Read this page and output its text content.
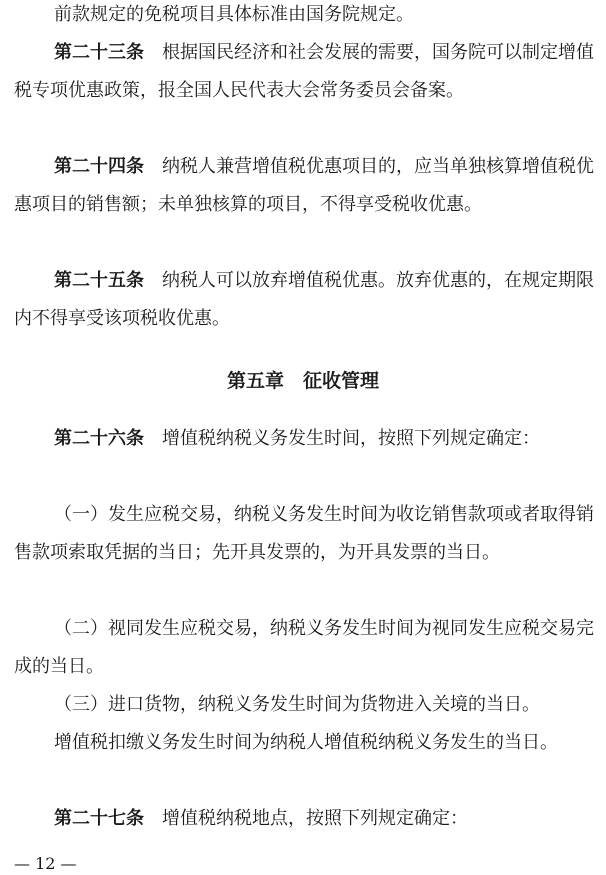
前款规定的免税项目具体标准由国务院规定。

第二十三条 根据国民经济和社会发展的需要，国务院可以制定增值税专项优惠政策，报全国人民代表大会常务委员会备案。

第二十四条 纳税人兼营增值税优惠项目的，应当单独核算增值税优惠项目的销售额；未单独核算的项目，不得享受税收优惠。

第二十五条 纳税人可以放弃增值税优惠。放弃优惠的，在规定期限内不得享受该项税收优惠。

第五章　征收管理

第二十六条 增值税纳税义务发生时间，按照下列规定确定：

（一）发生应税交易，纳税义务发生时间为收讫销售款项或者取得销售款项索取凭据的当日；先开具发票的，为开具发票的当日。

（二）视同发生应税交易，纳税义务发生时间为视同发生应税交易完成的当日。

（三）进口货物，纳税义务发生时间为货物进入关境的当日。

增值税扣缴义务发生时间为纳税人增值税纳税义务发生的当日。

第二十七条 增值税纳税地点，按照下列规定确定：

— 12 —
